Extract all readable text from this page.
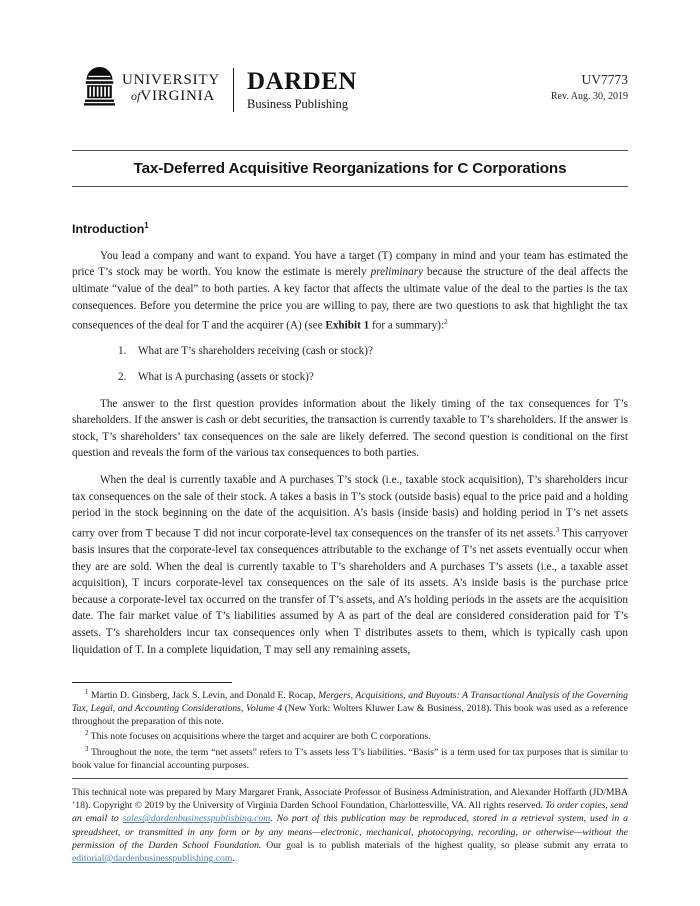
UNIVERSITY
ofVIRGINIA
DARDEN
Business Publishing
UV7773
Rev. Aug. 30, 2019
Tax-Deferred Acquisitive Reorganizations for C Corporations
Introduction$^1$

You lead a company and want to expand. You have a target (T) company in mind and your team has estimated the price T’s stock may be worth. You know the estimate is merely preliminary because the structure of the deal affects the ultimate “value of the deal” to both parties. A key factor that affects the ultimate value of the deal to the parties is the tax consequences. Before you determine the price you are willing to pay, there are two questions to ask that highlight the tax consequences of the deal for T and the acquirer (A) (see Exhibit 1 for a summary):$^2$

1. What are T’s shareholders receiving (cash or stock)?
2. What is A purchasing (assets or stock)?

The answer to the first question provides information about the likely timing of the tax consequences for T’s shareholders. If the answer is cash or debt securities, the transaction is currently taxable to T’s shareholders. If the answer is stock, T’s shareholders’ tax consequences on the sale are likely deferred. The second question is conditional on the first question and reveals the form of the various tax consequences to both parties.

When the deal is currently taxable and A purchases T’s stock (i.e., taxable stock acquisition), T’s shareholders incur tax consequences on the sale of their stock. A takes a basis in T’s stock (outside basis) equal to the price paid and a holding period in the stock beginning on the date of the acquisition. A’s basis (inside basis) and holding period in T’s net assets carry over from T because T did not incur corporate-level tax consequences on the transfer of its net assets.$^3$ This carryover basis insures that the corporate-level tax consequences attributable to the exchange of T’s net assets eventually occur when they are are sold. When the deal is currently taxable to T’s shareholders and A purchases T’s assets (i.e., a taxable asset acquisition), T incurs corporate-level tax consequences on the sale of its assets. A’s inside basis is the purchase price because a corporate-level tax occurred on the transfer of T’s assets, and A’s holding periods in the assets are the acquisition date. The fair market value of T’s liabilities assumed by A as part of the deal are considered consideration paid for T’s assets. T’s shareholders incur tax consequences only when T distributes assets to them, which is typically cash upon liquidation of T. In a complete liquidation, T may sell any remaining assets,

$^1$ Martin D. Ginsberg, Jack S. Levin, and Donald E. Rocap, Mergers, Acquisitions, and Buyouts: A Transactional Analysis of the Governing Tax, Legal, and Accounting Considerations, Volume 4 (New York: Wolters Kluwer Law & Business, 2018). This book was used as a reference throughout the preparation of this note.

$^2$ This note focuses on acquisitions where the target and acquirer are both C corporations.

$^3$ Throughout the note, the term “net assets” refers to T’s assets less T’s liabilities. “Basis” is a term used for tax purposes that is similar to book value for financial accounting purposes.

This technical note was prepared by Mary Margaret Frank, Associate Professor of Business Administration, and Alexander Hoffarth (JD/MBA ’18). Copyright © 2019 by the University of Virginia Darden School Foundation, Charlottesville, VA. All rights reserved. To order copies, send an email to sales@dardenbusinesspublishing.com. No part of this publication may be reproduced, stored in a retrieval system, used in a spreadsheet, or transmitted in any form or by any means—electronic, mechanical, photocopying, recording, or otherwise—without the permission of the Darden School Foundation. Our goal is to publish materials of the highest quality, so please submit any errata to editorial@dardenbusinesspublishing.com.
